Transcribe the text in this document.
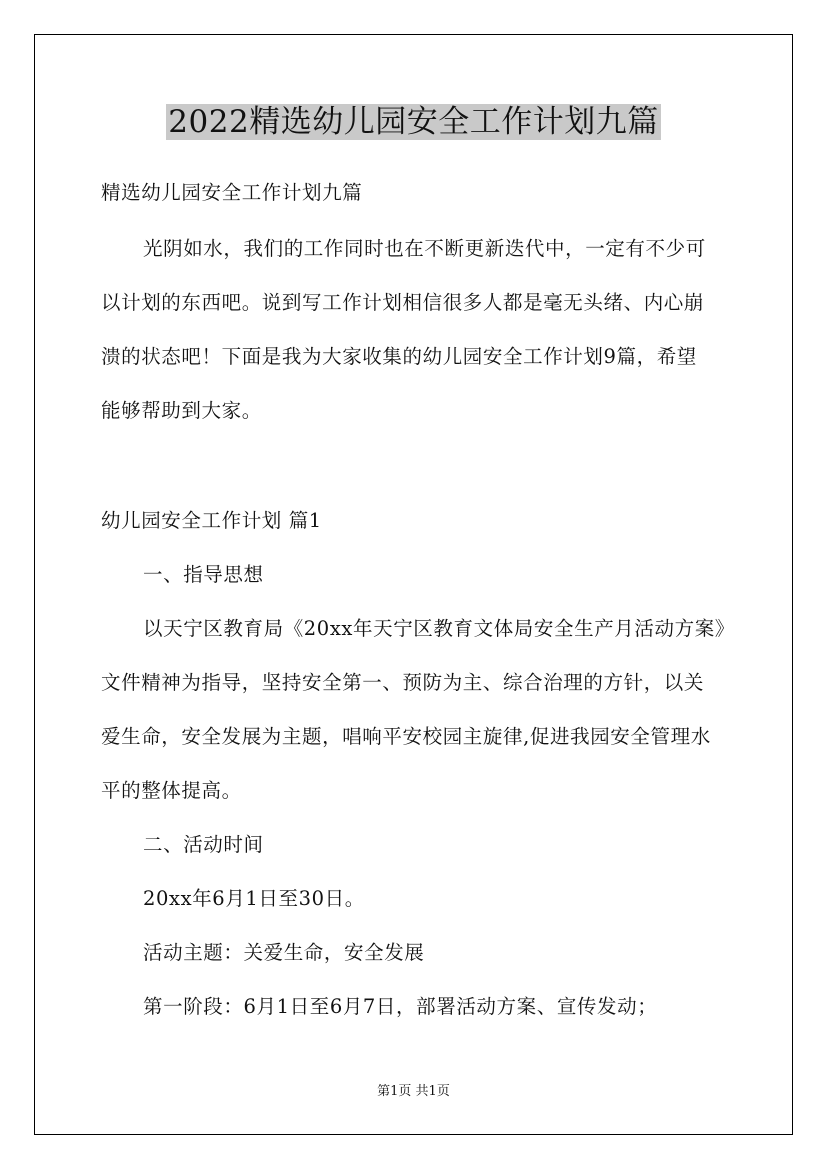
2022精选幼儿园安全工作计划九篇

精选幼儿园安全工作计划九篇

光阴如水，我们的工作同时也在不断更新迭代中，一定有不少可

以计划的东西吧。说到写工作计划相信很多人都是毫无头绪、内心崩

溃的状态吧！下面是我为大家收集的幼儿园安全工作计划9篇，希望

能够帮助到大家。

幼儿园安全工作计划 篇1

一、指导思想

以天宁区教育局《20xx年天宁区教育文体局安全生产月活动方案》

文件精神为指导，坚持安全第一、预防为主、综合治理的方针，以关

爱生命，安全发展为主题，唱响平安校园主旋律,促进我园安全管理水

平的整体提高。

二、活动时间

20xx年6月1日至30日。

活动主题：关爱生命，安全发展

第一阶段：6月1日至6月7日，部署活动方案、宣传发动；

第1页 共1页
